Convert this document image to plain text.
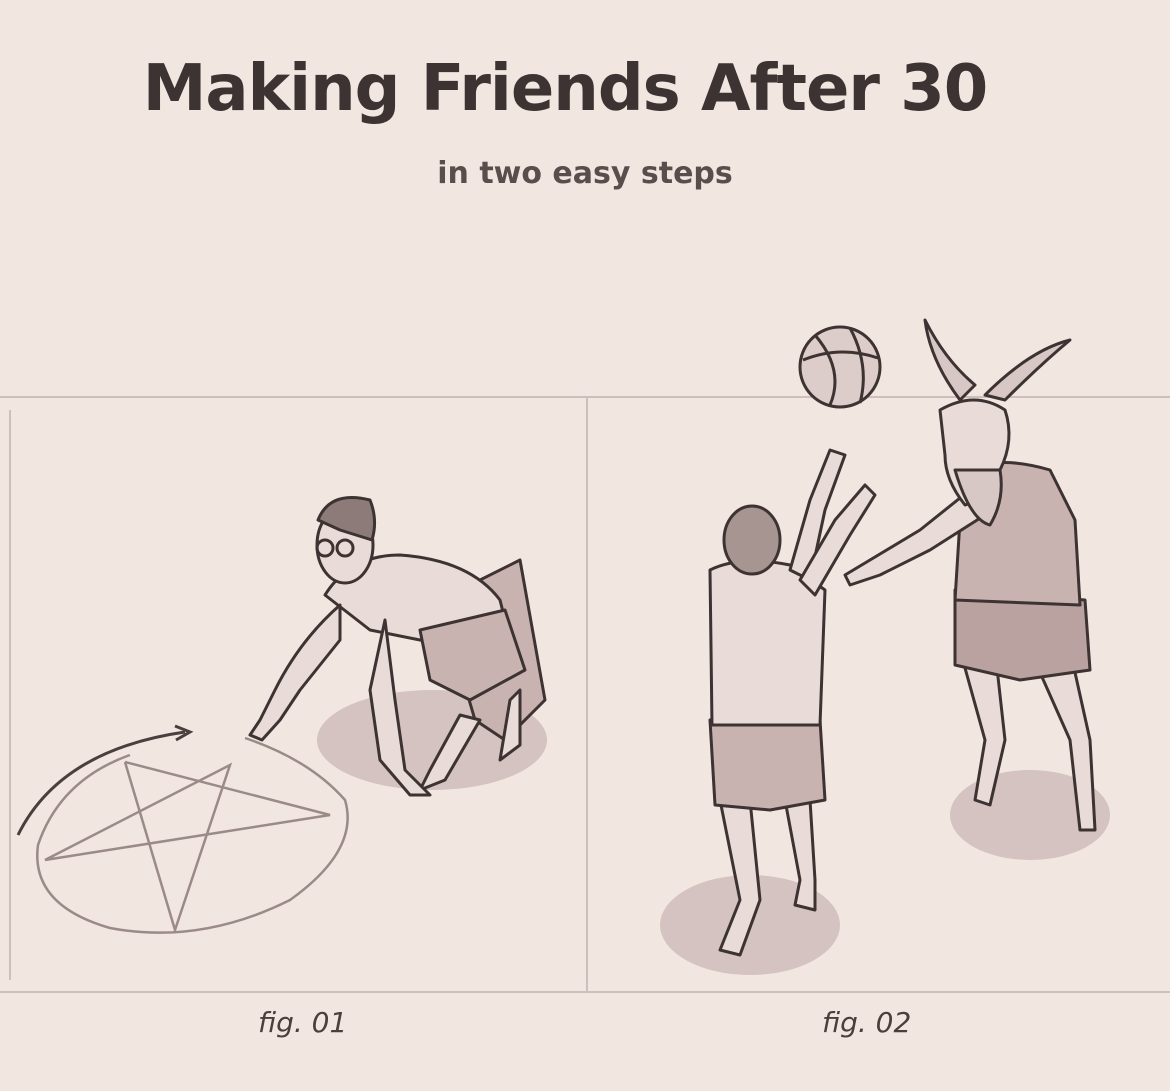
Making Friends After 30

in two easy steps

fig. 01	fig. 02
